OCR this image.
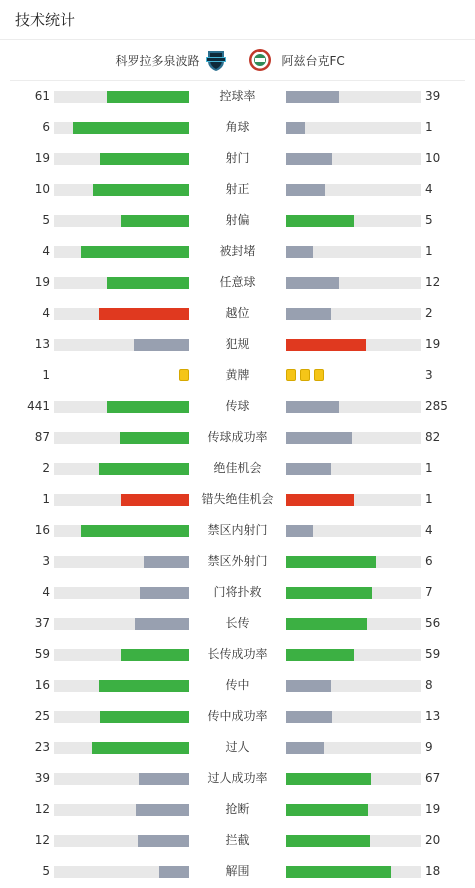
技术统计
科罗拉多泉波路	阿兹台克FC
61	控球率	39
6	角球	1
19	射门	10
10	射正	4
5	射偏	5
4	被封堵	1
19	任意球	12
4	越位	2
13	犯规	19
1	黄牌	3
441	传球	285
87	传球成功率	82
2	绝佳机会	1
1	错失绝佳机会	1
16	禁区内射门	4
3	禁区外射门	6
4	门将扑救	7
37	长传	56
59	长传成功率	59
16	传中	8
25	传中成功率	13
23	过人	9
39	过人成功率	67
12	抢断	19
12	拦截	20
5	解围	18
